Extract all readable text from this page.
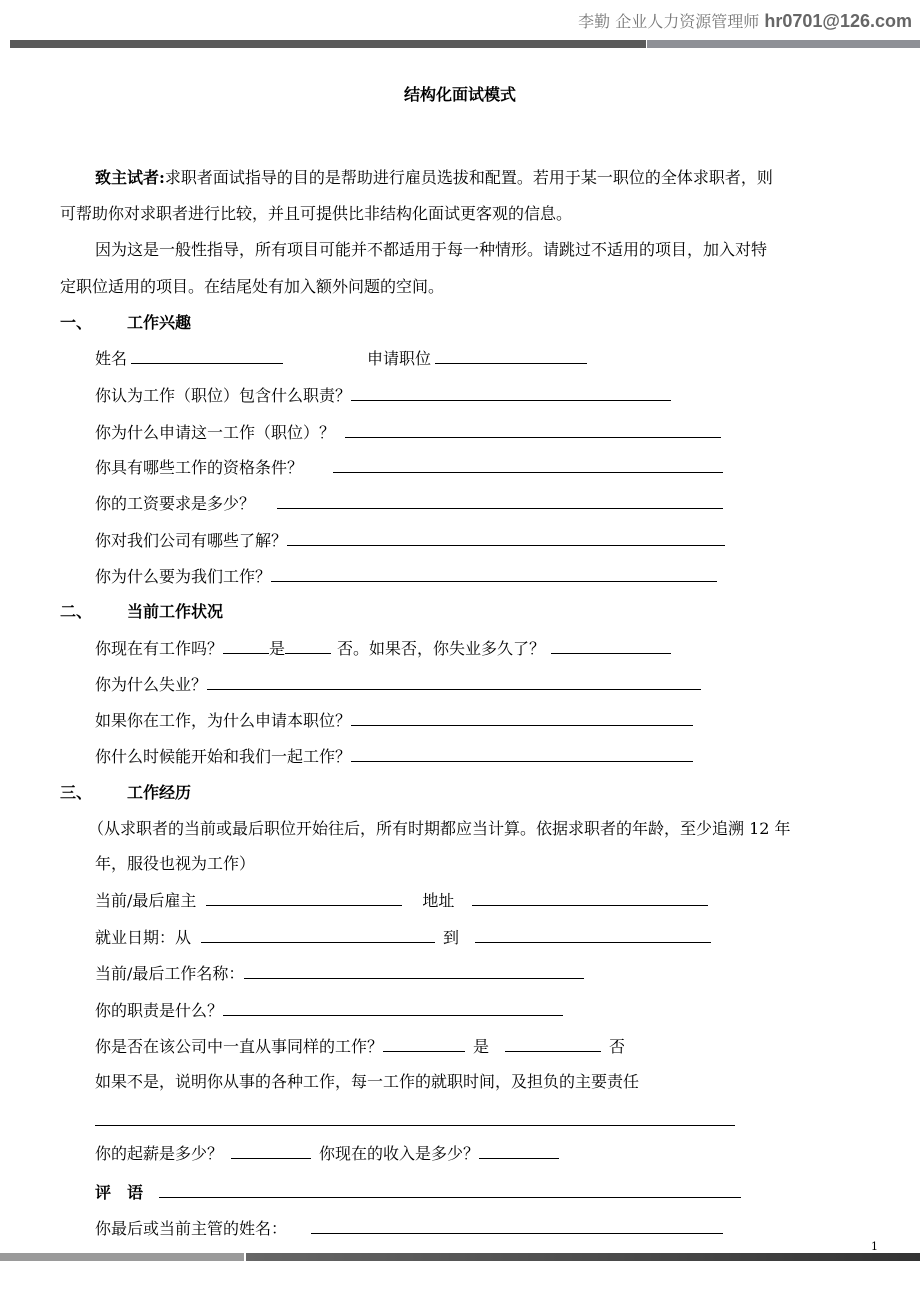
李勤 企业人力资源管理师 hr0701@126.com
结构化面试模式
致主试者:求职者面试指导的目的是帮助进行雇员选拔和配置。若用于某一职位的全体求职者，则
可帮助你对求职者进行比较，并且可提供比非结构化面试更客观的信息。
因为这是一般性指导，所有项目可能并不都适用于每一种情形。请跳过不适用的项目，加入对特
定职位适用的项目。在结尾处有加入额外问题的空间。
一、 工作兴趣
姓名	申请职位
你认为工作（职位）包含什么职责？
你为什么申请这一工作（职位）？
你具有哪些工作的资格条件？
你的工资要求是多少？
你对我们公司有哪些了解？
你为什么要为我们工作？
二、 当前工作状况
你现在有工作吗？	是	否。如果否，你失业多久了？
你为什么失业？
如果你在工作，为什么申请本职位？
你什么时候能开始和我们一起工作？
三、 工作经历
（从求职者的当前或最后职位开始往后，所有时期都应当计算。依据求职者的年龄，至少追溯 12 年
年，服役也视为工作）
当前/最后雇主	地址
就业日期：从	到
当前/最后工作名称：
你的职责是什么？
你是否在该公司中一直从事同样的工作？	是	否
如果不是，说明你从事的各种工作，每一工作的就职时间，及担负的主要责任
你的起薪是多少？	你现在的收入是多少？
评　语
你最后或当前主管的姓名：
1
